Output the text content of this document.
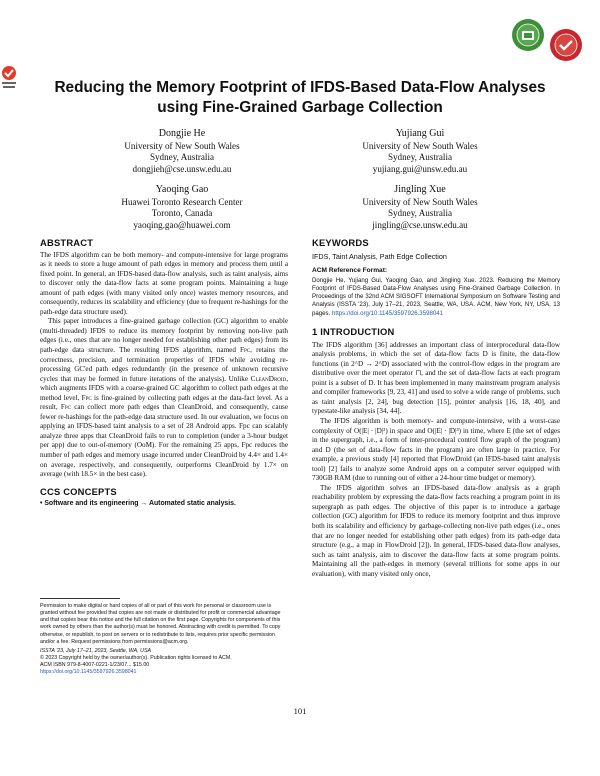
Reducing the Memory Footprint of IFDS-Based Data-Flow Analyses using Fine-Grained Garbage Collection
Dongjie He
University of New South Wales
Sydney, Australia
dongjieh@cse.unsw.edu.au
Yujiang Gui
University of New South Wales
Sydney, Australia
yujiang.gui@unsw.edu.au
Yaoqing Gao
Huawei Toronto Research Center
Toronto, Canada
yaoqing.gao@huawei.com
Jingling Xue
University of New South Wales
Sydney, Australia
jingling@cse.unsw.edu.au
ABSTRACT

The IFDS algorithm can be both memory- and compute-intensive for large programs as it needs to store a huge amount of path edges in memory and process them until a fixed point. In general, an IFDS-based data-flow analysis, such as taint analysis, aims to discover only the data-flow facts at some program points. Maintaining a huge amount of path edges (with many visited only once) wastes memory resources, and consequently, reduces its scalability and efficiency (due to frequent re-hashings for the path-edge data structure used).

This paper introduces a fine-grained garbage collection (GC) algorithm to enable (multi-threaded) IFDS to reduce its memory footprint by removing non-live path edges (i.e., ones that are no longer needed for establishing other path edges) from its path-edge data structure. The resulting IFDS algorithm, named Fpc, retains the correctness, precision, and termination properties of IFDS while avoiding re-processing GC'ed path edges redundantly (in the presence of unknown recursive cycles that may be formed in future iterations of the analysis). Unlike CleanDroid, which augments IFDS with a coarse-grained GC algorithm to collect path edges at the method level, Fpc is fine-grained by collecting path edges at the data-fact level. As a result, Fpc can collect more path edges than CleanDroid, and consequently, cause fewer re-hashings for the path-edge data structure used. In our evaluation, we focus on applying an IFDS-based taint analysis to a set of 28 Android apps. Fpc can scalably analyze three apps that CleanDroid fails to run to completion (under a 3-hour budget per app) due to out-of-memory (OoM). For the remaining 25 apps, Fpc reduces the number of path edges and memory usage incurred under CleanDroid by 4.4× and 1.4× on average, respectively, and consequently, outperforms CleanDroid by 1.7× on average (with 18.5× in the best case).

CCS CONCEPTS

• Software and its engineering → Automated static analysis.

Permission to make digital or hard copies of all or part of this work for personal or classroom use is granted without fee provided that copies are not made or distributed for profit or commercial advantage and that copies bear this notice and the full citation on the first page. Copyrights for components of this work owned by others than the author(s) must be honored. Abstracting with credit is permitted. To copy otherwise, or republish, to post on servers or to redistribute to lists, requires prior specific permission and/or a fee. Request permissions from permissions@acm.org.

ISSTA '23, July 17–21, 2023, Seattle, WA, USA

© 2023 Copyright held by the owner/author(s). Publication rights licensed to ACM.

ACM ISBN 979-8-4007-0221-1/23/07... $15.00

https://doi.org/10.1145/3597926.3598041

KEYWORDS

IFDS, Taint Analysis, Path Edge Collection

ACM Reference Format:

Dongjie He, Yujiang Gui, Yaoqing Gao, and Jingling Xue. 2023. Reducing the Memory Footprint of IFDS-Based Data-Flow Analyses using Fine-Grained Garbage Collection. In Proceedings of the 32nd ACM SIGSOFT International Symposium on Software Testing and Analysis (ISSTA '23), July 17–21, 2023, Seattle, WA, USA. ACM, New York, NY, USA, 13 pages. https://doi.org/10.1145/3597926.3598041

1 INTRODUCTION

The IFDS algorithm [36] addresses an important class of interprocedural data-flow analysis problems, in which the set of data-flow facts D is finite, the data-flow functions (in 2^D → 2^D) associated with the control-flow edges in the program are distributive over the meet operator ⊓, and the set of data-flow facts at each program point is a subset of D. It has been implemented in many mainstream program analysis and compiler frameworks [9, 23, 41] and used to solve a wide range of problems, such as taint analysis [2, 24], bug detection [15], pointer analysis [16, 18, 40], and typestate-like analysis [34, 44].

The IFDS algorithm is both memory- and compute-intensive, with a worst-case complexity of O(|E| · |D|²) in space and O(|E| · |D|³) in time, where E (the set of edges in the supergraph, i.e., a form of inter-procedural control flow graph of the program) and D (the set of data-flow facts in the program) are often large in practice. For example, a previous study [4] reported that FlowDroid (an IFDS-based taint analysis tool) [2] fails to analyze some Android apps on a computer server equipped with 730GB RAM (due to running out of either a 24-hour time budget or memory).

The IFDS algorithm solves an IFDS-based data-flow analysis as a graph reachability problem by expressing the data-flow facts reaching a program point in its supergraph as path edges. The objective of this paper is to introduce a garbage collection (GC) algorithm for IFDS to reduce its memory footprint and thus improve both its scalability and efficiency by garbage-collecting non-live path edges (i.e., ones that are no longer needed for establishing other path edges) from its path-edge data structure (e.g., a map in FlowDroid [2]). In general, IFDS-based data-flow analyses, such as taint analysis, aim to discover the data-flow facts at some program points. Maintaining all the path-edges in memory (several trillions for some apps in our evaluation), with many visited only once,

101
